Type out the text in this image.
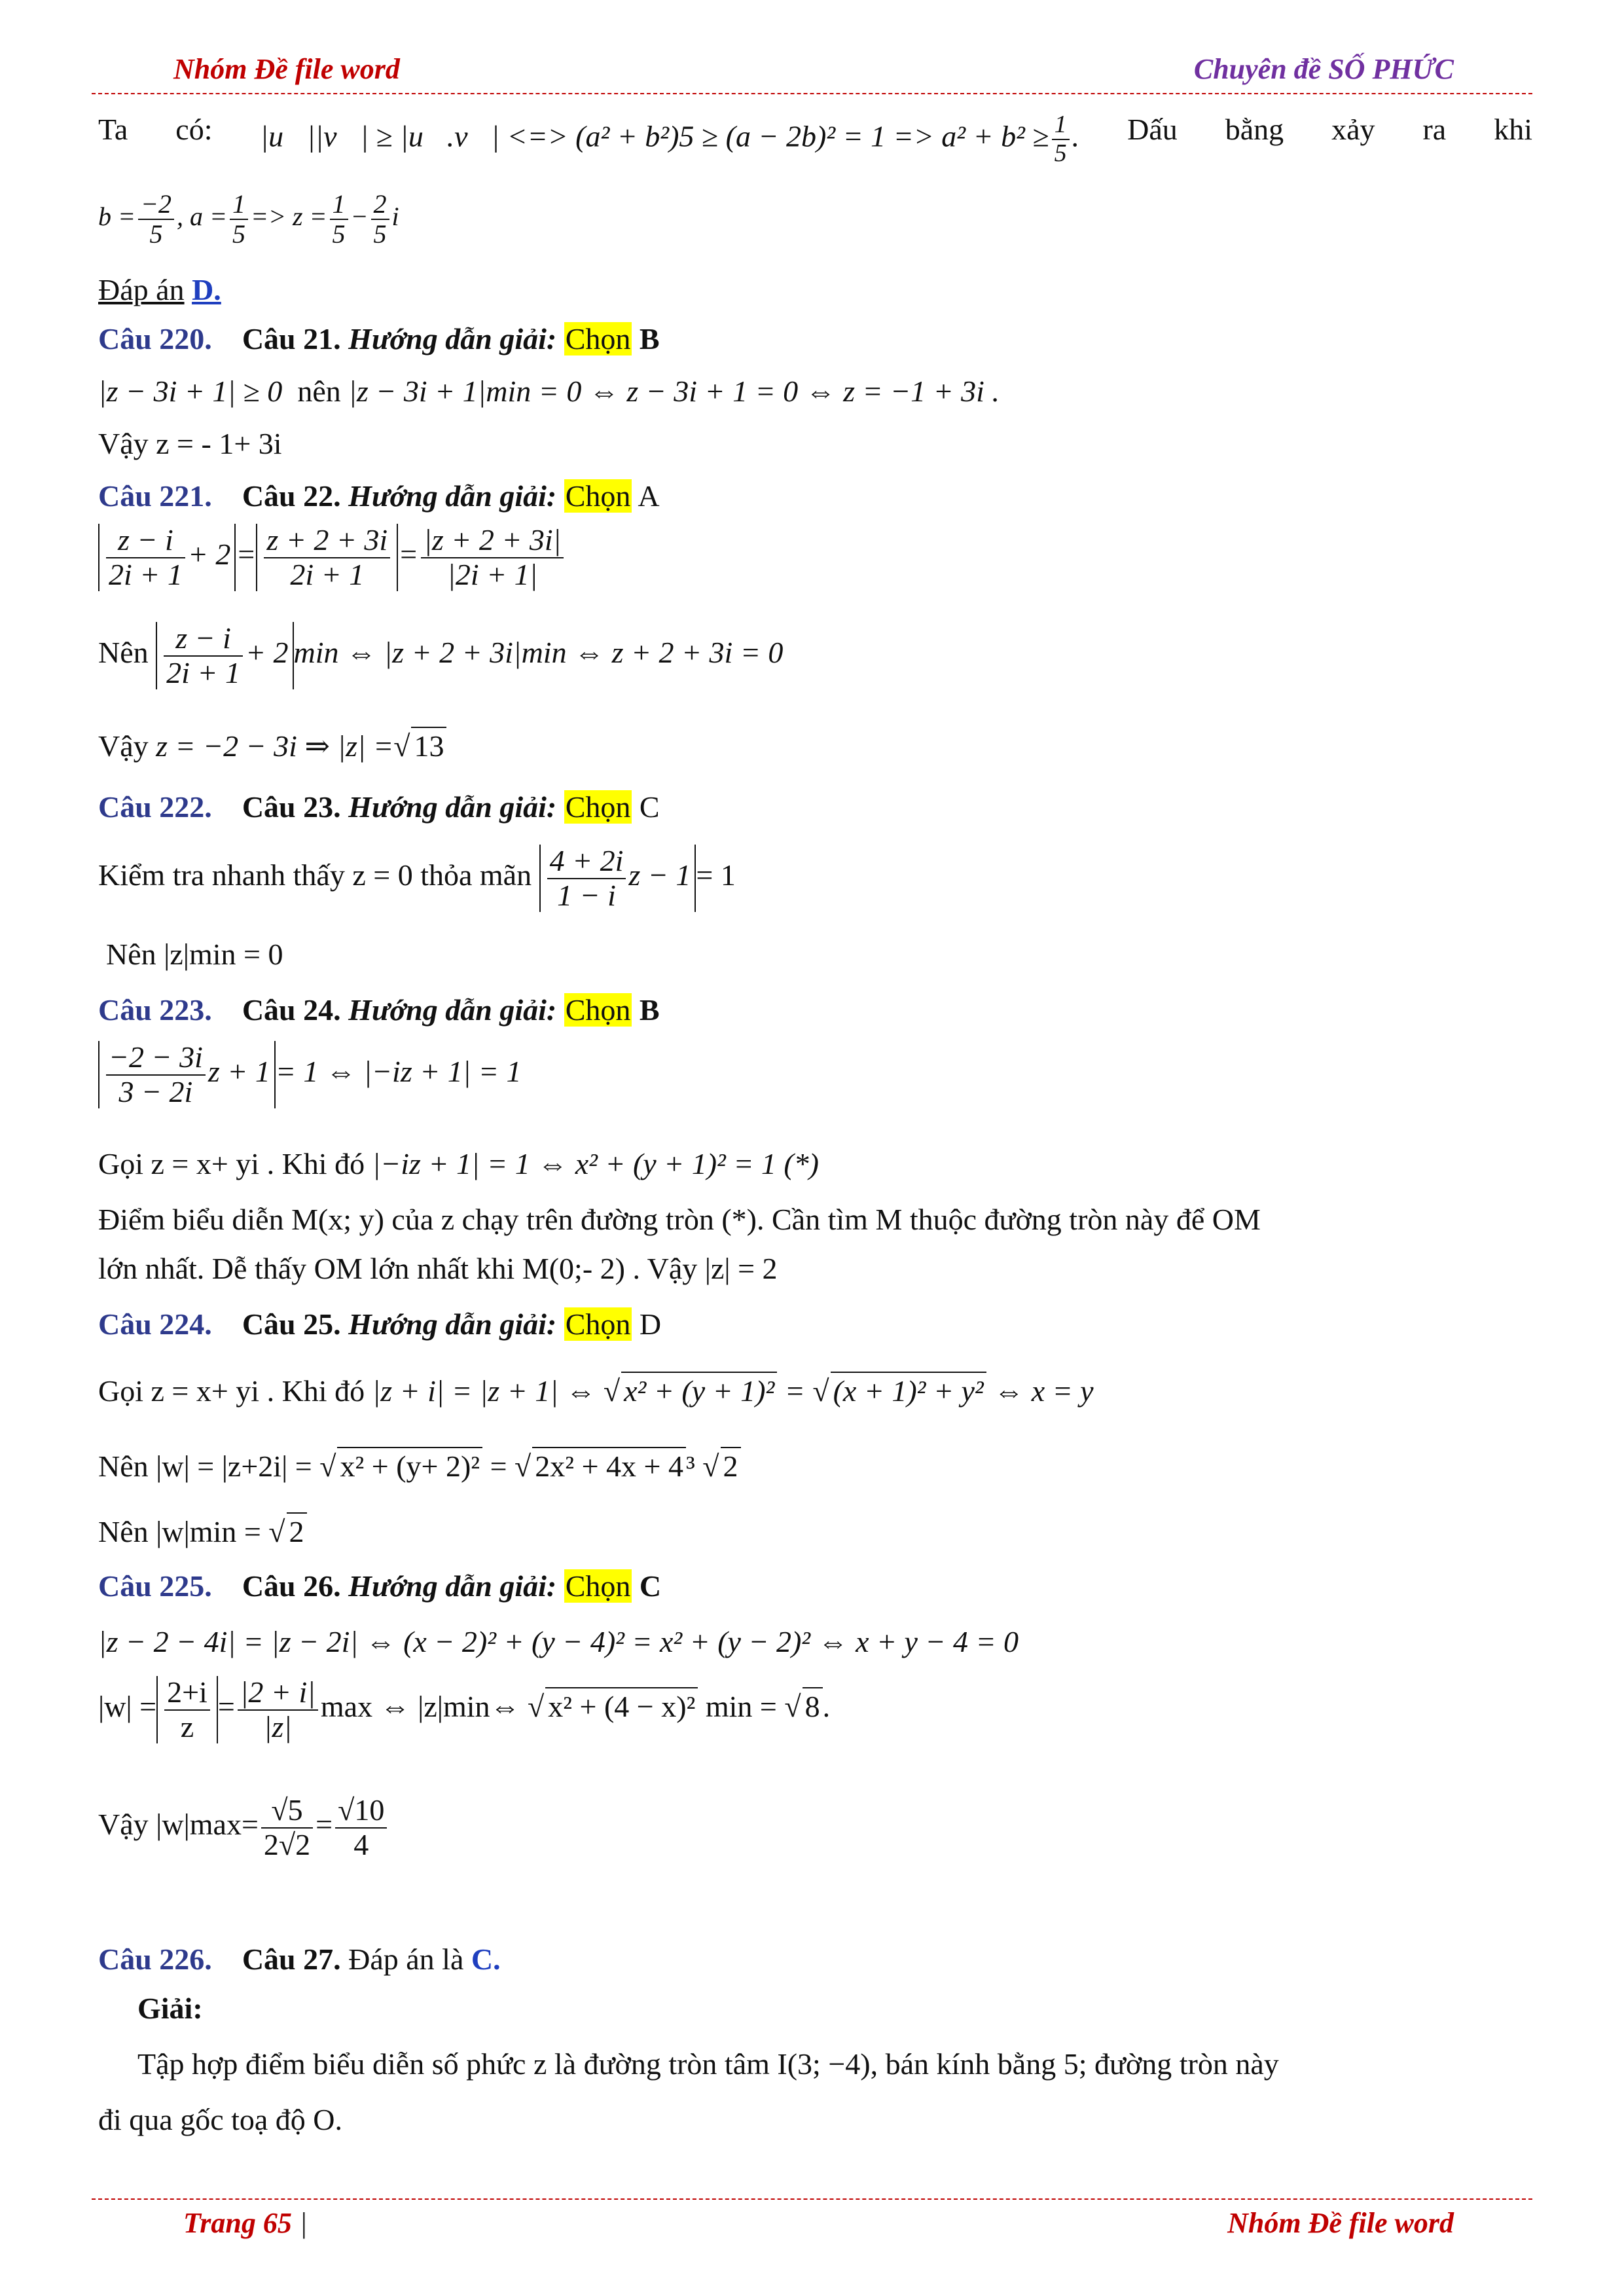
Nhóm Đề file word	Chuyên đề SỐ PHỨC
Ta có: |u⃗||v⃗| ≥ |u⃗.v⃗| <=> $(a^2 + b^2)5 \ge (a - 2b)^2 = 1 => a^2 + b^2 \ge \frac{1}{5}$ . Dấu bằng xảy ra khi
$b = \frac{-2}{5}$ , $a = \frac{1}{5} => z = \frac{1}{5} - \frac{2}{5}$ i
Đáp án D.
Câu 220. Câu 21. Hướng dẫn giải: Chọn B
|z − 3i + 1| ≥ 0 nên |z − 3i + 1|min = 0 ⇔ z − 3i + 1 = 0 ⇔ z = −1 + 3i .
Vậy z = - 1+ 3i
Câu 221. Câu 22. Hướng dẫn giải: Chọn A
$\frac{z - i}{2i + 1} + 2 = \frac{z + 2 + 3i}{2i + 1} = \frac{|z + 2 + 3i|}{|2i + 1|}$
Nên $\frac{z - i}{2i + 1} + 2$ min ⇔ |z + 2 + 3i|min ⇔ z + 2 + 3i = 0
Vậy z = −2 − 3i ⇒ |z| =√ 13
Câu 222. Câu 23. Hướng dẫn giải: Chọn C
Kiểm tra nhanh thấy z = 0 thỏa mãn $\frac{4 + 2i}{1 - i}$ z − 1 = 1
Nên |z|min = 0
Câu 223. Câu 24. Hướng dẫn giải: Chọn B
$\frac{-2 - 3i}{3 - 2i}$ z + 1 = 1 ⇔ |−iz + 1| = 1
Gọi z = x+ yi . Khi đó |−iz + 1| = 1 ⇔ x² + (y + 1)² = 1 (*)
Điểm biểu diễn M(x; y) của z chạy trên đường tròn (*). Cần tìm M thuộc đường tròn này để OM
lớn nhất. Dễ thấy OM lớn nhất khi M(0;- 2) . Vậy |z| = 2
Câu 224. Câu 25. Hướng dẫn giải: Chọn D
Gọi z = x+ yi . Khi đó |z + i| = |z + 1| ⇔ √ x² + (y + 1)² = √ (x + 1)² + y² ⇔ x = y
Nên |w| = |z+2i| = √ x² + (y+ 2)² = √ 2x² + 4x + 4³ √ 2
Nên |w|min = √ 2
Câu 225. Câu 26. Hướng dẫn giải: Chọn C
|z − 2 − 4i| = |z − 2i| ⇔ (x − 2)² + (y − 4)² = x² + (y − 2)² ⇔ x + y − 4 = 0
$|w| = \frac{2+i}{z} = \frac{|2 + i|}{|z|}$ max ⇔ |z|min⇔ √ x² + (4 − x)² min = √ 8.
Vậy $|w|\max= \frac{√5}{2√2} = \frac{√10}{4}$
Câu 226. Câu 27. Đáp án là C.
Giải:
Tập hợp điểm biểu diễn số phức z là đường tròn tâm I(3; −4), bán kính bằng 5; đường tròn này
đi qua gốc toạ độ O.
Trang 65 |	Nhóm Đề file word
